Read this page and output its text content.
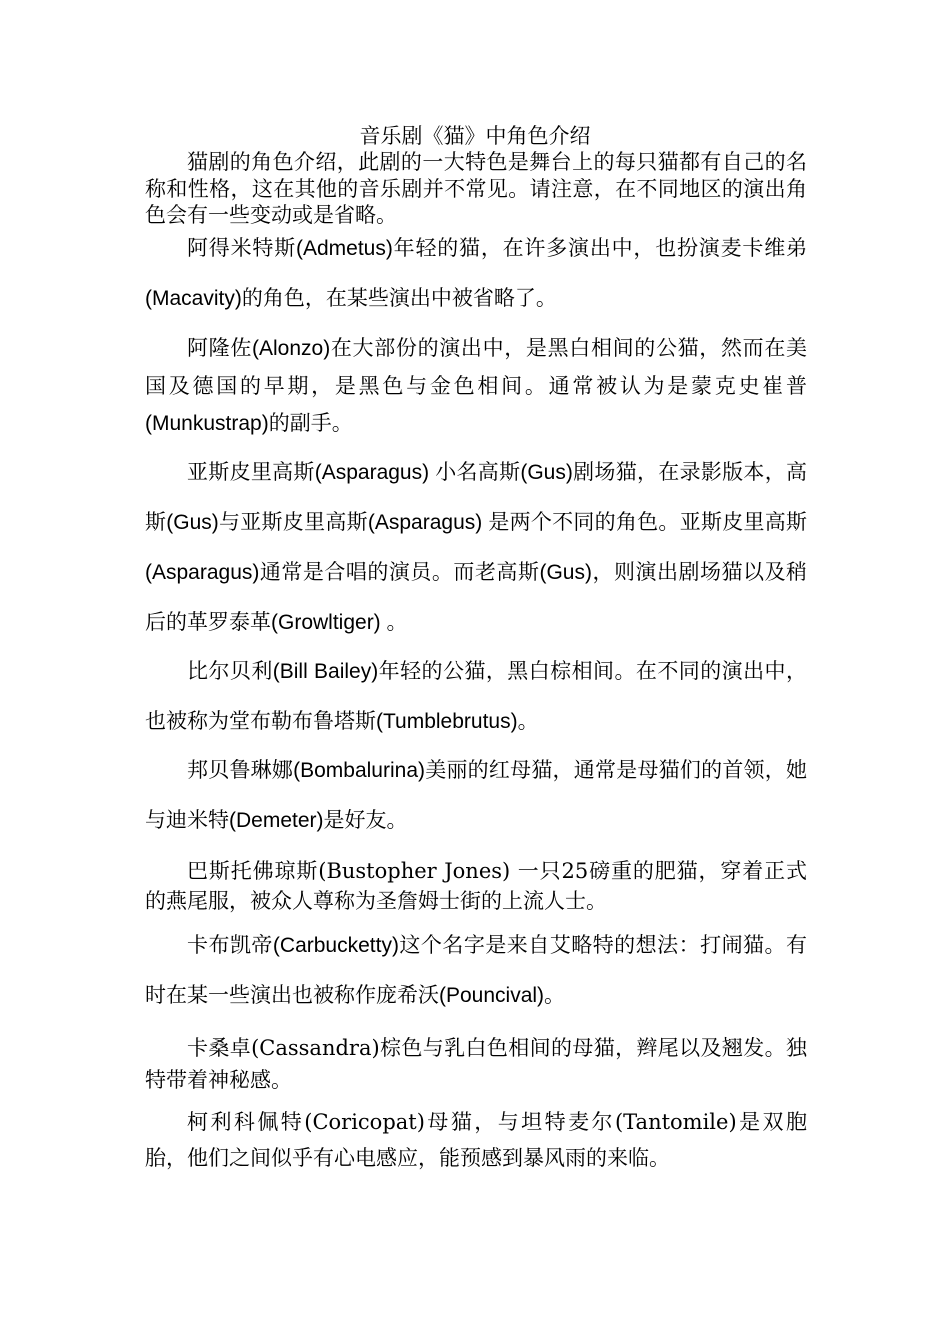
音乐剧《猫》中角色介绍

猫剧的角色介绍，此剧的一大特色是舞台上的每只猫都有自己的名称和性格，这在其他的音乐剧并不常见。请注意，在不同地区的演出角色会有一些变动或是省略。

阿得米特斯(Admetus)年轻的猫，在许多演出中，也扮演麦卡维弟(Macavity)的角色，在某些演出中被省略了。

阿隆佐(Alonzo)在大部份的演出中，是黑白相间的公猫，然而在美国及德国的早期，是黑色与金色相间。通常被认为是蒙克史崔普(Munkustrap)的副手。

亚斯皮里高斯(Asparagus) 小名高斯(Gus)剧场猫，在录影版本，高斯(Gus)与亚斯皮里高斯(Asparagus) 是两个不同的角色。亚斯皮里高斯(Asparagus)通常是合唱的演员。而老高斯(Gus)，则演出剧场猫以及稍后的革罗泰革(Growltiger) 。

比尔贝利(Bill Bailey)年轻的公猫，黑白棕相间。在不同的演出中，也被称为堂布勒布鲁塔斯(Tumblebrutus)。

邦贝鲁琳娜(Bombalurina)美丽的红母猫，通常是母猫们的首领，她与迪米特(Demeter)是好友。

巴斯托佛琼斯(Bustopher Jones) 一只25磅重的肥猫，穿着正式的燕尾服，被众人尊称为圣詹姆士街的上流人士。

卡布凯帝(Carbucketty)这个名字是来自艾略特的想法：打闹猫。有时在某一些演出也被称作庞希沃(Pouncival)。

卡桑卓(Cassandra)棕色与乳白色相间的母猫，辫尾以及翘发。独特带着神秘感。

柯利科佩特(Coricopat)母猫，与坦特麦尔(Tantomile)是双胞胎，他们之间似乎有心电感应，能预感到暴风雨的来临。
